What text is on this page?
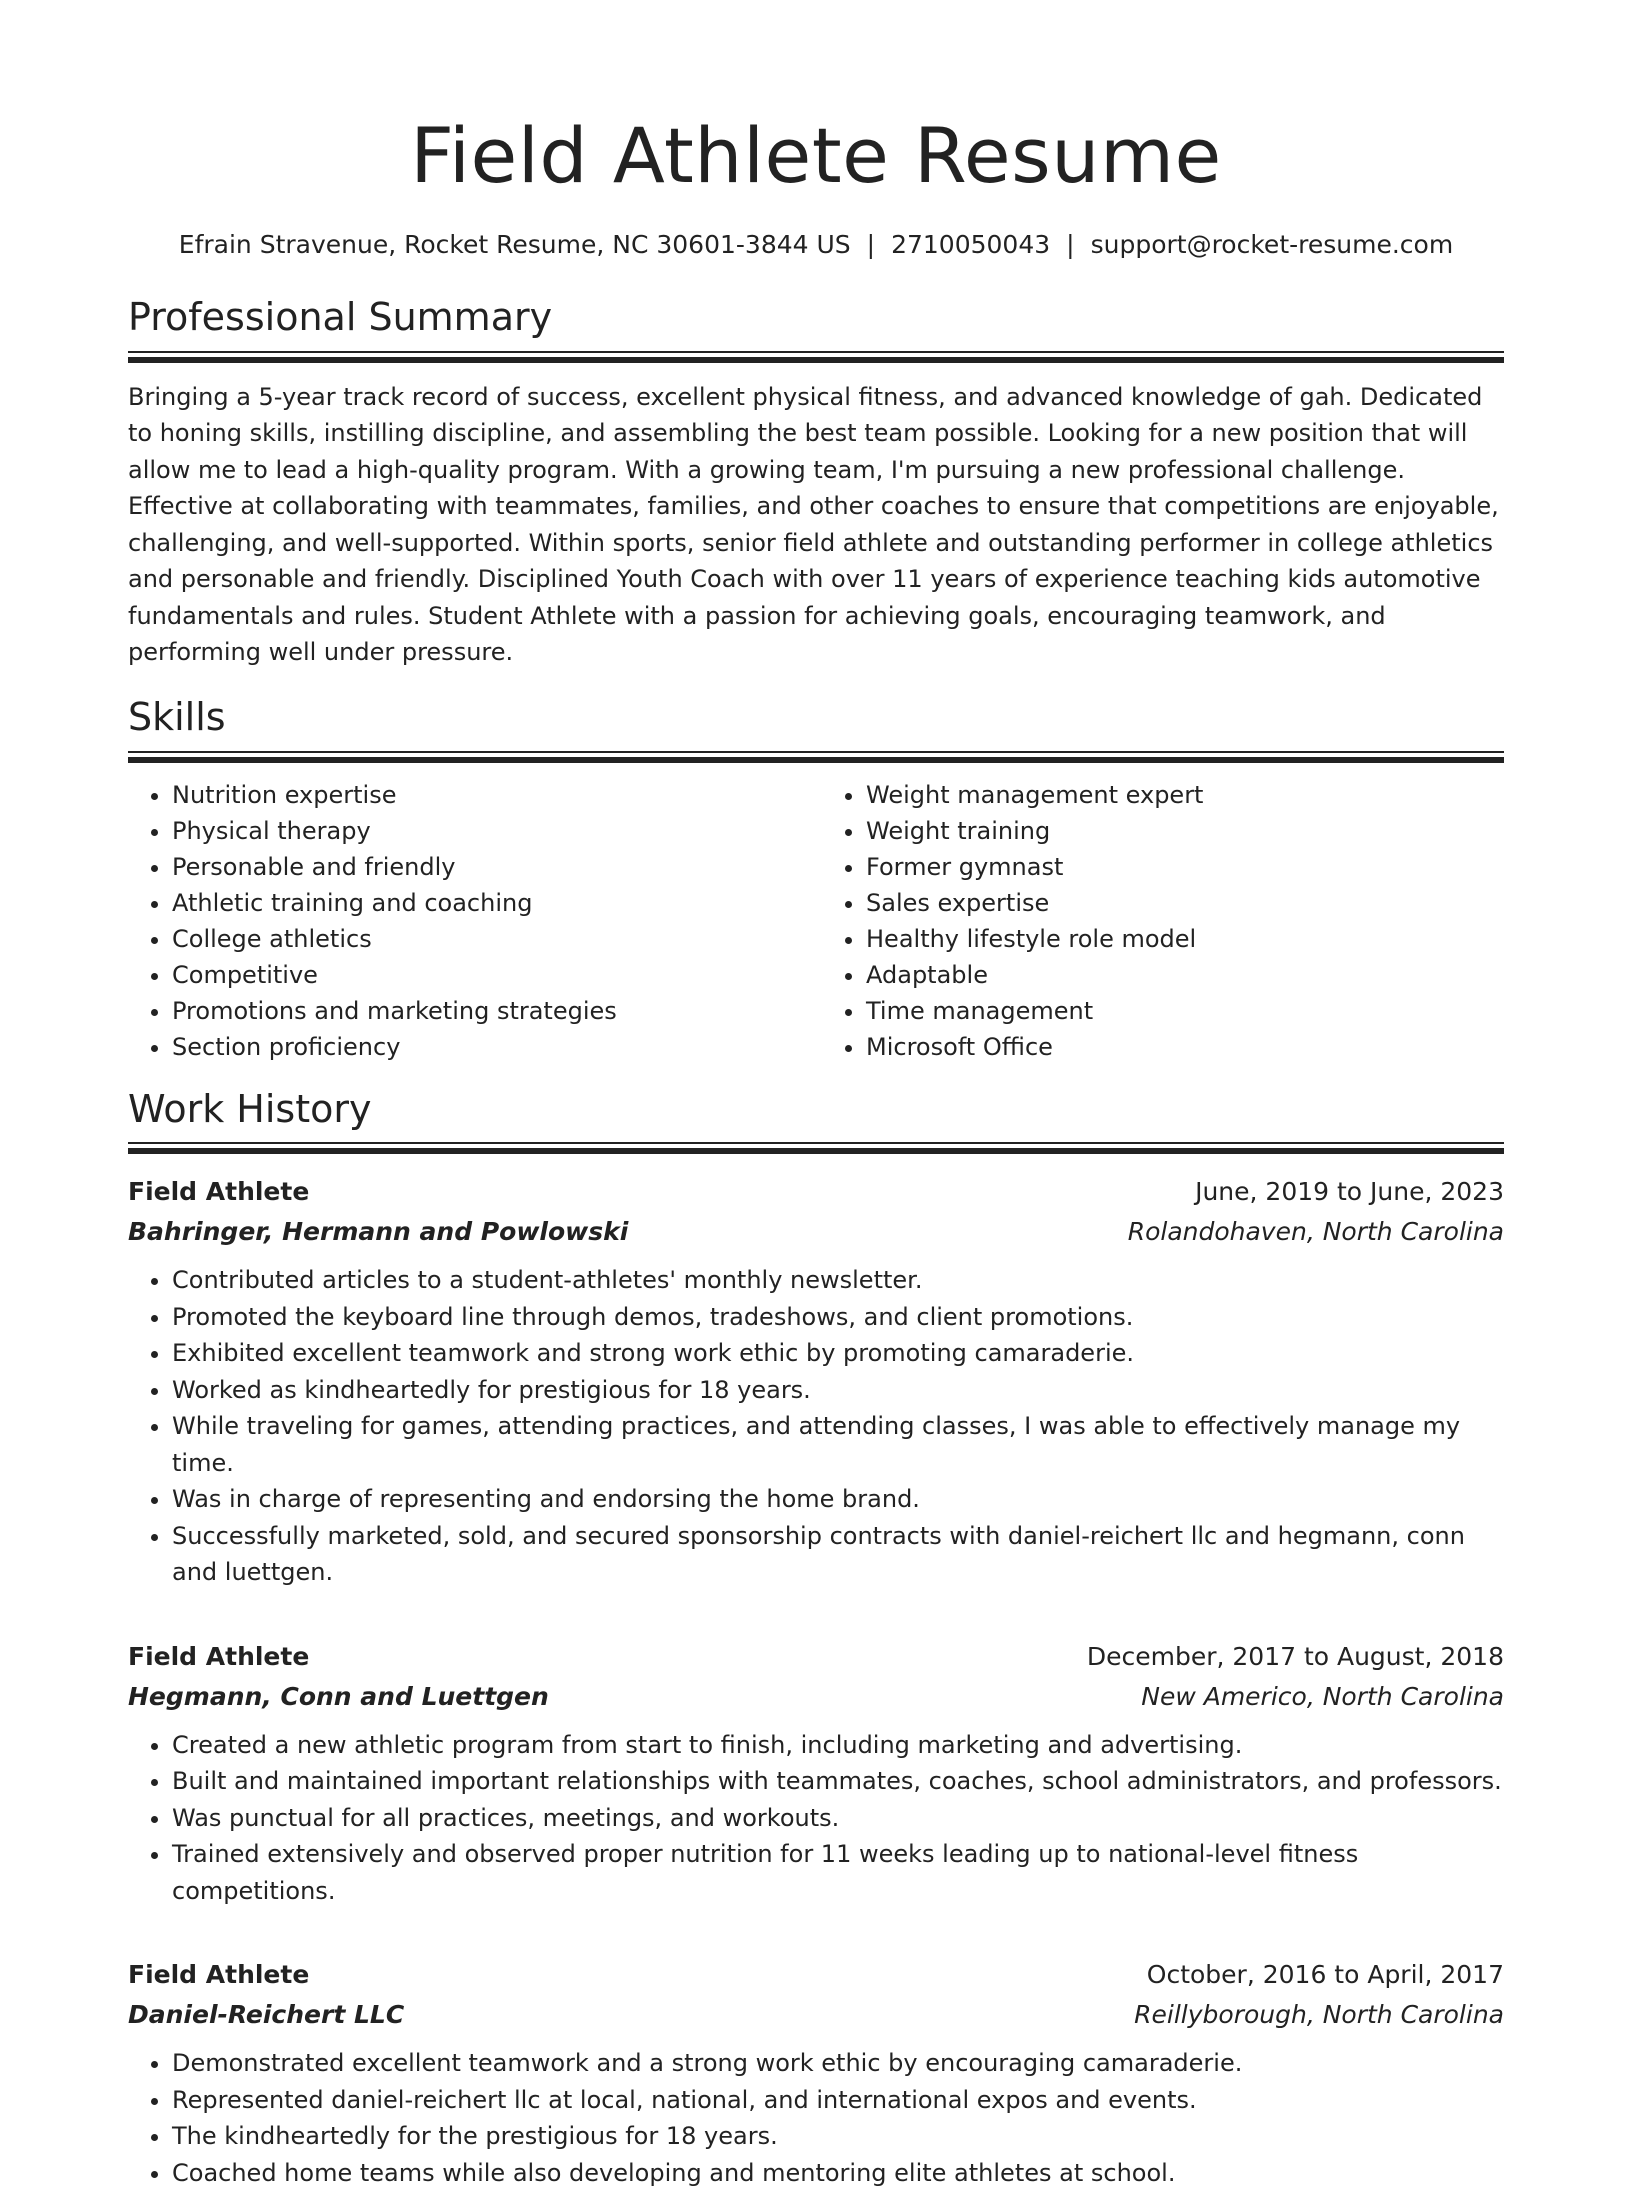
Field Athlete Resume
Efrain Stravenue, Rocket Resume, NC 30601-3844 US | 2710050043 | support@rocket-resume.com
Professional Summary

Bringing a 5-year track record of success, excellent physical fitness, and advanced knowledge of gah. Dedicated to honing skills, instilling discipline, and assembling the best team possible. Looking for a new position that will allow me to lead a high-quality program. With a growing team, I'm pursuing a new professional challenge. Effective at collaborating with teammates, families, and other coaches to ensure that competitions are enjoyable, challenging, and well-supported. Within sports, senior field athlete and outstanding performer in college athletics and personable and friendly. Disciplined Youth Coach with over 11 years of experience teaching kids automotive fundamentals and rules. Student Athlete with a passion for achieving goals, encouraging teamwork, and performing well under pressure.

Skills
• Nutrition expertise
• Physical therapy
• Personable and friendly
• Athletic training and coaching
• College athletics
• Competitive
• Promotions and marketing strategies
• Section proficiency
• Weight management expert
• Weight training
• Former gymnast
• Sales expertise
• Healthy lifestyle role model
• Adaptable
• Time management
• Microsoft Office
Work History
Field Athlete	June, 2019 to June, 2023
Bahringer, Hermann and Powlowski	Rolandohaven, North Carolina
• Contributed articles to a student-athletes' monthly newsletter.
• Promoted the keyboard line through demos, tradeshows, and client promotions.
• Exhibited excellent teamwork and strong work ethic by promoting camaraderie.
• Worked as kindheartedly for prestigious for 18 years.
• While traveling for games, attending practices, and attending classes, I was able to effectively manage my time.
• Was in charge of representing and endorsing the home brand.
• Successfully marketed, sold, and secured sponsorship contracts with daniel-reichert llc and hegmann, conn and luettgen.
Field Athlete	December, 2017 to August, 2018
Hegmann, Conn and Luettgen	New Americo, North Carolina
• Created a new athletic program from start to finish, including marketing and advertising.
• Built and maintained important relationships with teammates, coaches, school administrators, and professors.
• Was punctual for all practices, meetings, and workouts.
• Trained extensively and observed proper nutrition for 11 weeks leading up to national-level fitness competitions.
Field Athlete	October, 2016 to April, 2017
Daniel-Reichert LLC	Reillyborough, North Carolina
• Demonstrated excellent teamwork and a strong work ethic by encouraging camaraderie.
• Represented daniel-reichert llc at local, national, and international expos and events.
• The kindheartedly for the prestigious for 18 years.
• Coached home teams while also developing and mentoring elite athletes at school.
